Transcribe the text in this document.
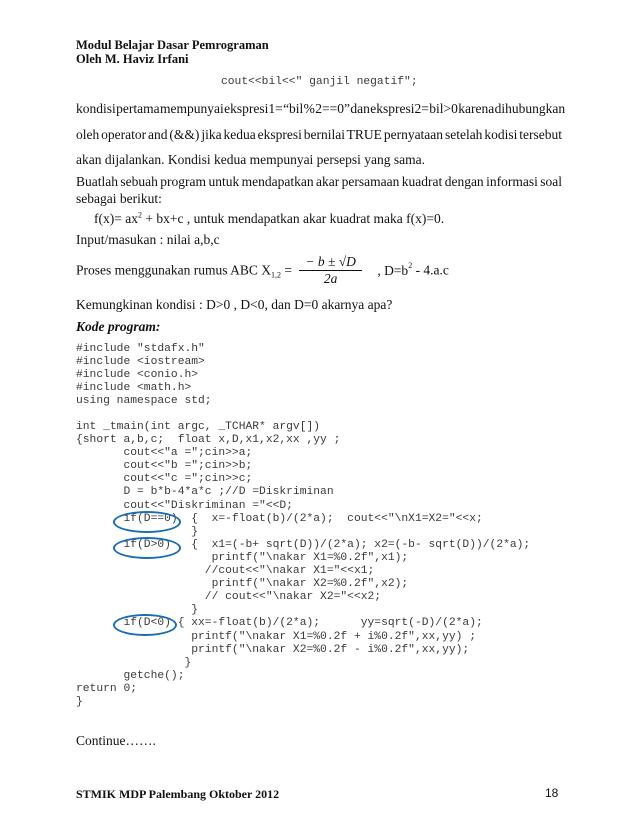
Modul Belajar Dasar Pemrograman
Oleh M. Haviz Irfani
cout<<bil<<" ganjil negatif";
kondisi pertama mempunyai ekspresi1= “bil % 2==0” dan ekspresi2= bil>0 karena dihubungkan
oleh operator and (&&) jika kedua ekspresi bernilai TRUE pernyataan setelah kodisi tersebut
akan dijalankan. Kondisi kedua mempunyai persepsi yang sama.
Buatlah sebuah program untuk mendapatkan akar persamaan kuadrat dengan informasi soal
sebagai berikut:
$f(x)= ax^2 + bx+c$ , untuk mendapatkan akar kuadrat maka f(x)=0.
Input/masukan : nilai a,b,c
Proses menggunakan rumus ABC $X_{1,2} = \frac{- b \pm √D}{2a}$ , $D=b^2 - 4.a.c$
Kemungkinan kondisi : D>0 , D<0, dan D=0 akarnya apa?
Kode program:
#include "stdafx.h"
#include <iostream>
#include <conio.h>
#include <math.h>
using namespace std;
int _tmain(int argc, _TCHAR* argv[])
{short a,b,c;  float x,D,x1,x2,xx ,yy ;
cout<<"a =";cin>>a;
cout<<"b =";cin>>b;
cout<<"c =";cin>>c;
D = b*b-4*a*c ;//D =Diskriminan
cout<<"Diskriminan ="<<D;
if(D==0)  {  x=-float(b)/(2*a);  cout<<"\nX1=X2="<<x;
}
if(D>0)   {  x1=(-b+ sqrt(D))/(2*a); x2=(-b- sqrt(D))/(2*a);
printf("\nakar X1=%0.2f",x1);
//cout<<"\nakar X1="<<x1;
printf("\nakar X2=%0.2f",x2);
// cout<<"\nakar X2="<<x2;
}
if(D<0) { xx=-float(b)/(2*a);      yy=sqrt(-D)/(2*a);
printf("\nakar X1=%0.2f + i%0.2f",xx,yy) ;
printf("\nakar X2=%0.2f - i%0.2f",xx,yy);
}
getche();
return 0;
}
Continue…….
STMIK MDP Palembang Oktober 2012	18
